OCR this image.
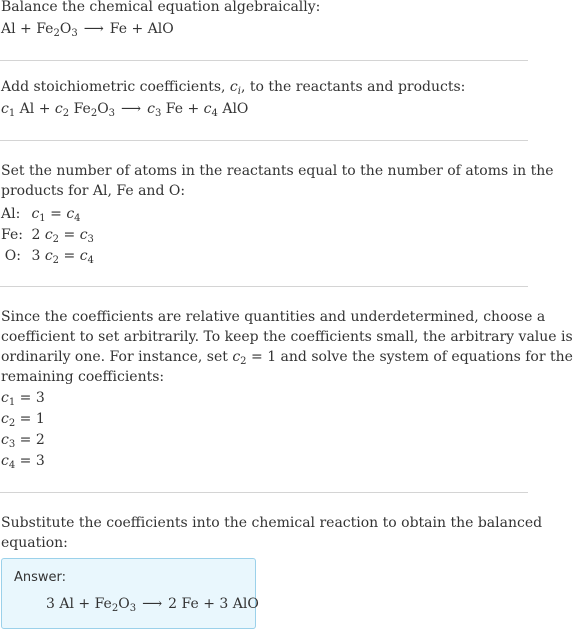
Balance the chemical equation algebraically:
$Al + Fe_2O_3$ ⟶ Fe + AlO
Add stoichiometric coefficients, $c_i$, to the reactants and products:
$c_1$ $Al + c_2$ $Fe_2O_3$ ⟶ $c_3$ $Fe + c_4$ AlO
Set the number of atoms in the reactants equal to the number of atoms in the
products for Al, Fe and O:
Al: $c_1 = c_4$
Fe: 2 $c_2 = c_3$
O: 3 $c_2 = c_4$
Since the coefficients are relative quantities and underdetermined, choose a
coefficient to set arbitrarily. To keep the coefficients small, the arbitrary value is
ordinarily one. For instance, set $c_2 = 1$ and solve the system of equations for the
remaining coefficients:
$c_1 = 3$
$c_2 = 1$
$c_3 = 2$
$c_4 = 3$
Substitute the coefficients into the chemical reaction to obtain the balanced
equation:
Answer:
3 $Al + Fe_2O_3$ ⟶ 2 Fe + 3 AlO
